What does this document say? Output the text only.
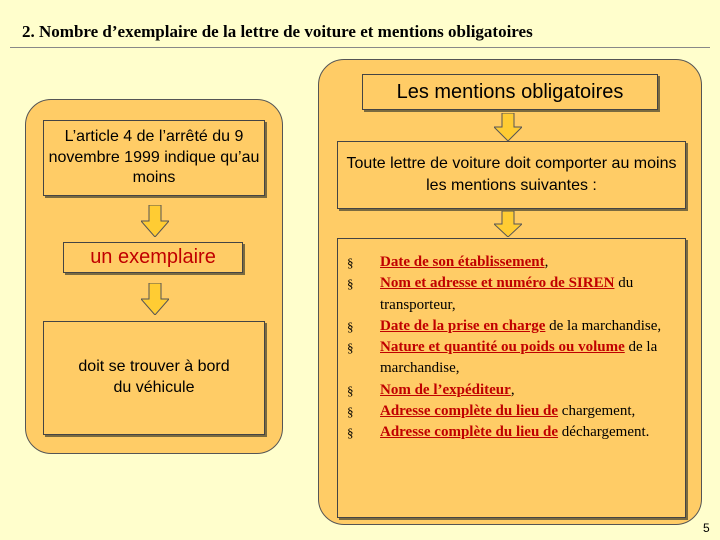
2. Nombre d’exemplaire de la lettre de voiture et mentions obligatoires
L’article 4 de l’arrêté du 9 novembre 1999 indique qu’au moins
un exemplaire
doit se trouver à bord du véhicule
Les mentions obligatoires
Toute lettre de voiture doit comporter au moins les mentions suivantes :
§ Date de son établissement,
§ Nom et adresse et numéro de SIREN du transporteur,
§ Date de la prise en charge de la marchandise,
§ Nature et quantité ou poids ou volume de la marchandise,
§ Nom de l’expéditeur,
§ Adresse complète du lieu de chargement,
§ Adresse complète du lieu de déchargement.
5
